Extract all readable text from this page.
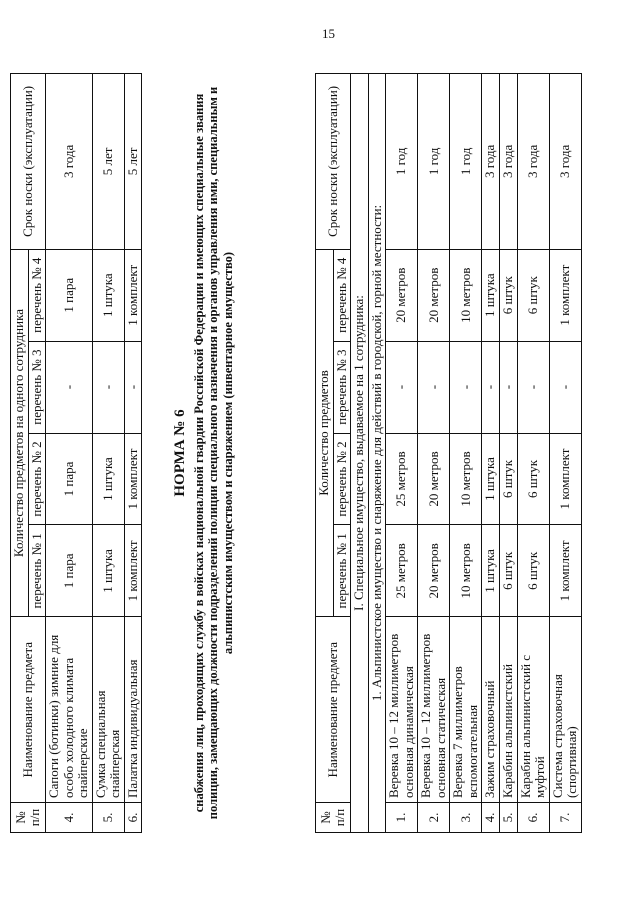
15
№ п/п	Наименование предмета	Количество предметов на одного сотрудника				Срок носки (эксплуатации)
		перечень № 1	перечень № 2	перечень № 3	перечень № 4	
4.	Сапоги (ботинки) зимние для особо холодного климата снайперские	1 пара	1 пара	-	1 пара	3 года
5.	Сумка специальная снайперская	1 штука	1 штука	-	1 штука	5 лет
6.	Палатка индивидуальная	1 комплект	1 комплект	-	1 комплект	5 лет
НОРМА № 6 снабжения лиц, проходящих службу в войсках национальной гвардии Российской Федерации и имеющих специальные звания полиции, замещающих должности подразделений полиции специального назначения и органов управления ими, специальным и альпинистским имуществом и снаряжением (инвентарное имущество)
№ п/п	Наименование предмета	Количество предметов				Срок носки (эксплуатации)
		перечень № 1	перечень № 2	перечень № 3	перечень № 4	
I. Специальное имущество, выдаваемое на 1 сотрудника:						
1. Альпинистское имущество и снаряжение для действий в городской, горной местности:						
1.	Веревка 10 – 12 миллиметров основная динамическая	25 метров	25 метров	-	20 метров	1 год
2.	Веревка 10 – 12 миллиметров основная статическая	20 метров	20 метров	-	20 метров	1 год
3.	Веревка 7 миллиметров вспомогательная	10 метров	10 метров	-	10 метров	1 год
4.	Зажим страховочный	1 штука	1 штука	-	1 штука	3 года
5.	Карабин альпинистский	6 штук	6 штук	-	6 штук	3 года
6.	Карабин альпинистский с муфтой	6 штук	6 штук	-	6 штук	3 года
7.	Система страховочная (спортивная)	1 комплект	1 комплект	-	1 комплект	3 года
